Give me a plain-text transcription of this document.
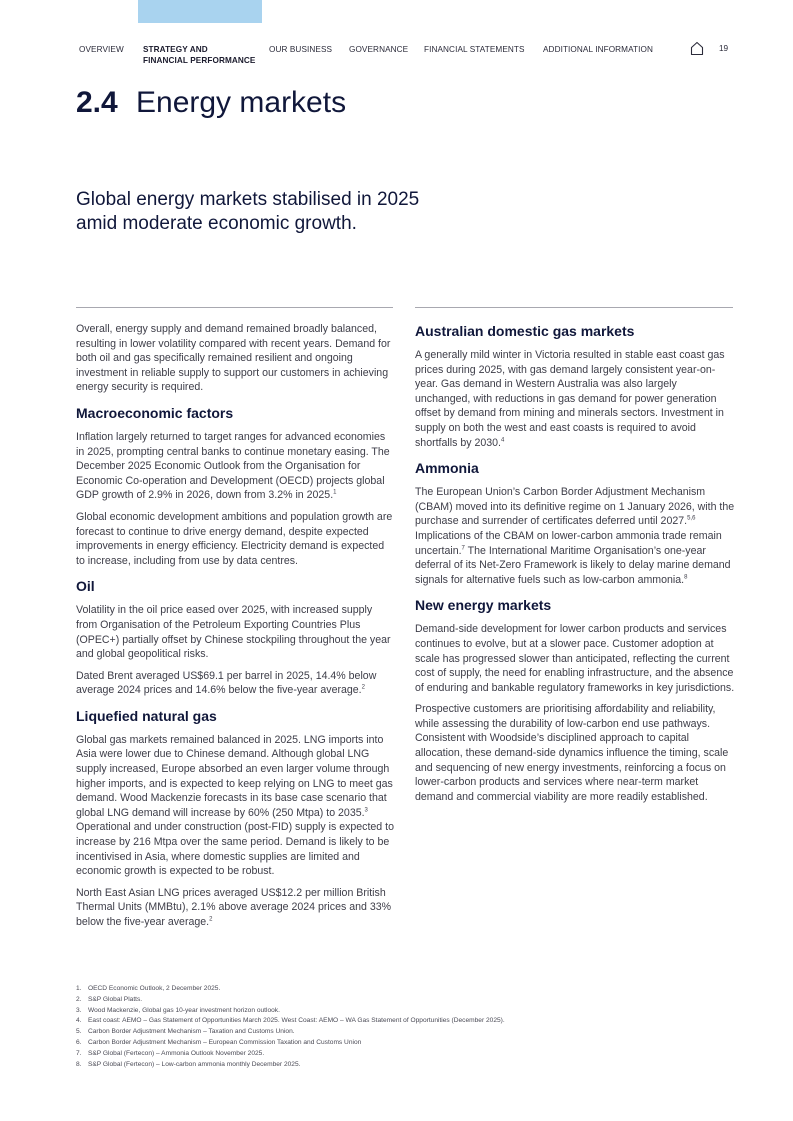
OVERVIEW STRATEGY AND
FINANCIAL PERFORMANCE
OUR BUSINESS GOVERNANCE FINANCIAL STATEMENTS ADDITIONAL INFORMATION	19
2.4 Energy markets
Global energy markets stabilised in 2025 amid moderate economic growth.

Overall, energy supply and demand remained broadly balanced, resulting in lower volatility compared with recent years. Demand for both oil and gas specifically remained resilient and ongoing investment in reliable supply to support our customers in achieving energy security is required.

Macroeconomic factors

Inflation largely returned to target ranges for advanced economies in 2025, prompting central banks to continue monetary easing. The December 2025 Economic Outlook from the Organisation for Economic Co-operation and Development (OECD) projects global GDP growth of 2.9% in 2026, down from 3.2% in 2025.$^1$

Global economic development ambitions and population growth are forecast to continue to drive energy demand, despite expected improvements in energy efficiency. Electricity demand is expected to increase, including from use by data centres.

Oil

Volatility in the oil price eased over 2025, with increased supply from Organisation of the Petroleum Exporting Countries Plus (OPEC+) partially offset by Chinese stockpiling throughout the year and global geopolitical risks.

Dated Brent averaged US$69.1 per barrel in 2025, 14.4% below average 2024 prices and 14.6% below the five-year average.$^2$

Liquefied natural gas

Global gas markets remained balanced in 2025. LNG imports into Asia were lower due to Chinese demand. Although global LNG supply increased, Europe absorbed an even larger volume through higher imports, and is expected to keep relying on LNG to meet gas demand. Wood Mackenzie forecasts in its base case scenario that global LNG demand will increase by 60% (250 Mtpa) to 2035.$^3$ Operational and under construction (post-FID) supply is expected to increase by 216 Mtpa over the same period. Demand is likely to be incentivised in Asia, where domestic supplies are limited and economic growth is expected to be robust.

North East Asian LNG prices averaged US$12.2 per million British Thermal Units (MMBtu), 2.1% above average 2024 prices and 33% below the five-year average.$^2$

Australian domestic gas markets

A generally mild winter in Victoria resulted in stable east coast gas prices during 2025, with gas demand largely consistent year-on-year. Gas demand in Western Australia was also largely unchanged, with reductions in gas demand for power generation offset by demand from mining and minerals sectors. Investment in supply on both the west and east coasts is required to avoid shortfalls by 2030.$^4$

Ammonia

The European Union’s Carbon Border Adjustment Mechanism (CBAM) moved into its definitive regime on 1 January 2026, with the purchase and surrender of certificates deferred until 2027.$^{5,6}$ Implications of the CBAM on lower-carbon ammonia trade remain uncertain.$^7$ The International Maritime Organisation’s one-year deferral of its Net-Zero Framework is likely to delay marine demand signals for alternative fuels such as low-carbon ammonia.$^8$

New energy markets

Demand-side development for lower carbon products and services continues to evolve, but at a slower pace. Customer adoption at scale has progressed slower than anticipated, reflecting the current cost of supply, the need for enabling infrastructure, and the absence of enduring and bankable regulatory frameworks in key jurisdictions.

Prospective customers are prioritising affordability and reliability, while assessing the durability of low-carbon end use pathways. Consistent with Woodside’s disciplined approach to capital allocation, these demand-side dynamics influence the timing, scale and sequencing of new energy investments, reinforcing a focus on lower-carbon products and services where near-term market demand and commercial viability are more readily established.

1. OECD Economic Outlook, 2 December 2025.
2. S&P Global Platts.
3. Wood Mackenzie, Global gas 10-year investment horizon outlook.
4. East coast: AEMO – Gas Statement of Opportunities March 2025. West Coast: AEMO – WA Gas Statement of Opportunities (December 2025).
5. Carbon Border Adjustment Mechanism – Taxation and Customs Union.
6. Carbon Border Adjustment Mechanism – European Commission Taxation and Customs Union
7. S&P Global (Fertecon) – Ammonia Outlook November 2025.
8. S&P Global (Fertecon) – Low-carbon ammonia monthly December 2025.
